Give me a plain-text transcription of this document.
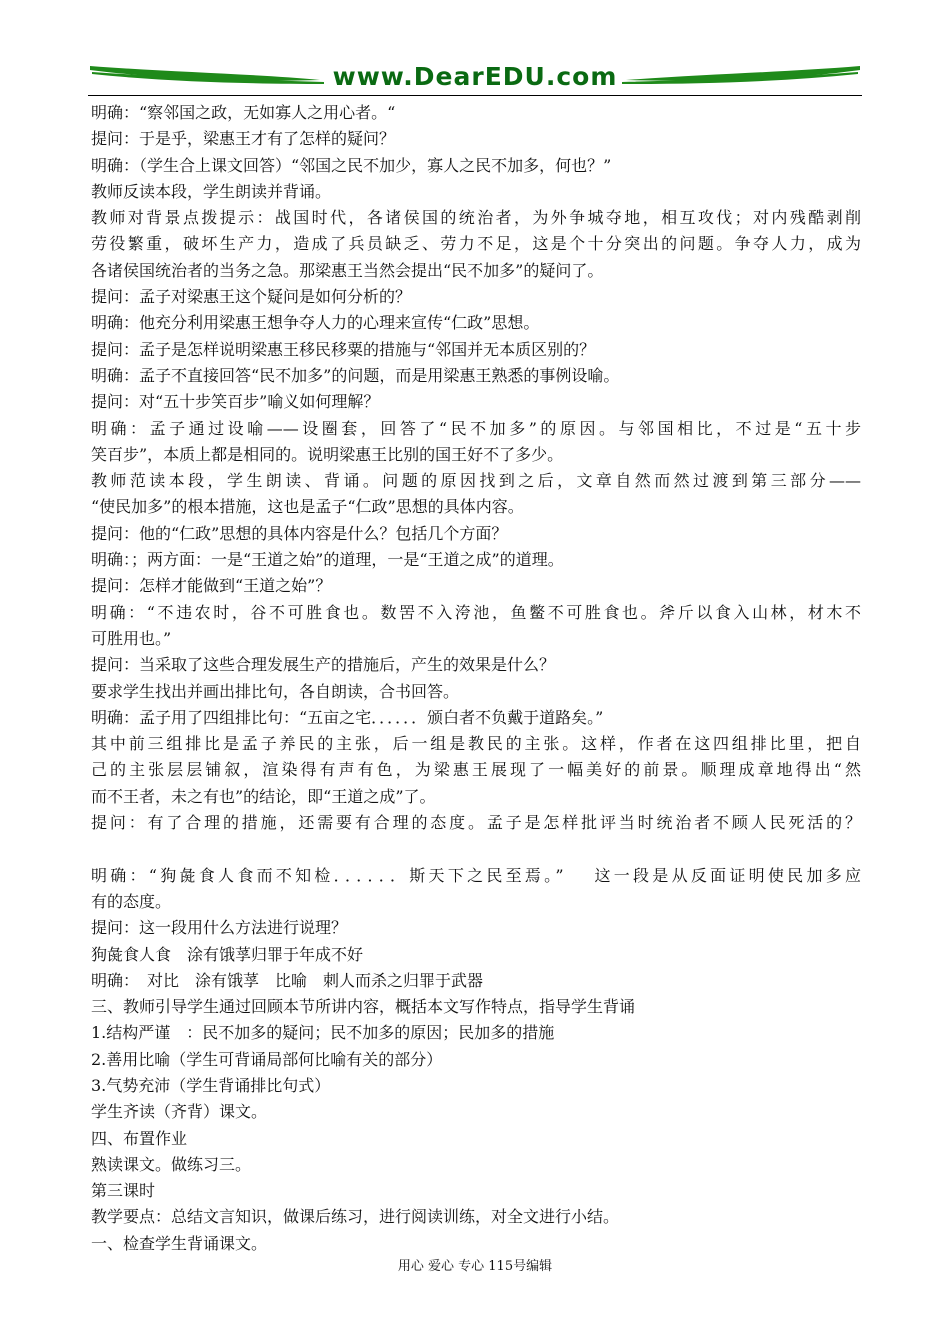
www.DearEDU.com
明确：“察邻国之政，无如寡人之用心者。“
提问：于是乎，梁惠王才有了怎样的疑问？
明确：（学生合上课文回答）“邻国之民不加少，寡人之民不加多，何也？”
教师反读本段，学生朗读并背诵。
教师对背景点拨提示：战国时代，各诸侯国的统治者，为外争城夺地，相互攻伐；对内残酷剥削
劳役繁重，破坏生产力，造成了兵员缺乏、劳力不足，这是个十分突出的问题。争夺人力，成为
各诸侯国统治者的当务之急。那梁惠王当然会提出“民不加多”的疑问了。
提问：孟子对梁惠王这个疑问是如何分析的？
明确：他充分利用梁惠王想争夺人力的心理来宣传“仁政”思想。
提问：孟子是怎样说明梁惠王移民移粟的措施与“邻国并无本质区别的？
明确：孟子不直接回答“民不加多”的问题，而是用梁惠王熟悉的事例设喻。
提问：对“五十步笑百步”喻义如何理解？
明确：孟子通过设喻——设圈套，回答了“民不加多”的原因。与邻国相比，不过是“五十步
笑百步”，本质上都是相同的。说明梁惠王比别的国王好不了多少。
教师范读本段，学生朗读、背诵。问题的原因找到之后，文章自然而然过渡到第三部分——
“使民加多”的根本措施，这也是孟子“仁政”思想的具体内容。
提问：他的“仁政”思想的具体内容是什么？包括几个方面？
明确：；两方面：一是“王道之始”的道理，一是“王道之成”的道理。
提问：怎样才能做到“王道之始”？
明确：“不违农时，谷不可胜食也。数罟不入洿池，鱼鳖不可胜食也。斧斤以食入山林，材木不
可胜用也。”
提问：当采取了这些合理发展生产的措施后，产生的效果是什么？
要求学生找出并画出排比句，各自朗读，合书回答。
明确：孟子用了四组排比句：“五亩之宅．．．．．．颁白者不负戴于道路矣。”
其中前三组排比是孟子养民的主张，后一组是教民的主张。这样，作者在这四组排比里，把自
己的主张层层铺叙，渲染得有声有色，为梁惠王展现了一幅美好的前景。顺理成章地得出“然
而不王者，未之有也”的结论，即“王道之成”了。
提问：有了合理的措施，还需要有合理的态度。孟子是怎样批评当时统治者不顾人民死活的？
明确：“狗彘食人食而不知检．．．．．．斯天下之民至焉。”　 这一段是从反面证明使民加多应
有的态度。
提问：这一段用什么方法进行说理？
狗彘食人食　涂有饿莩归罪于年成不好
明确：　对比　涂有饿莩　比喻　刺人而杀之归罪于武器
三、教师引导学生通过回顾本节所讲内容，概括本文写作特点，指导学生背诵
1.结构严谨　：民不加多的疑问；民不加多的原因；民加多的措施
2.善用比喻（学生可背诵局部何比喻有关的部分）
3.气势充沛（学生背诵排比句式）
学生齐读（齐背）课文。
四、布置作业
熟读课文。做练习三。
第三课时
教学要点：总结文言知识，做课后练习，进行阅读训练，对全文进行小结。
一、检查学生背诵课文。
用心 爱心 专心 115号编辑
